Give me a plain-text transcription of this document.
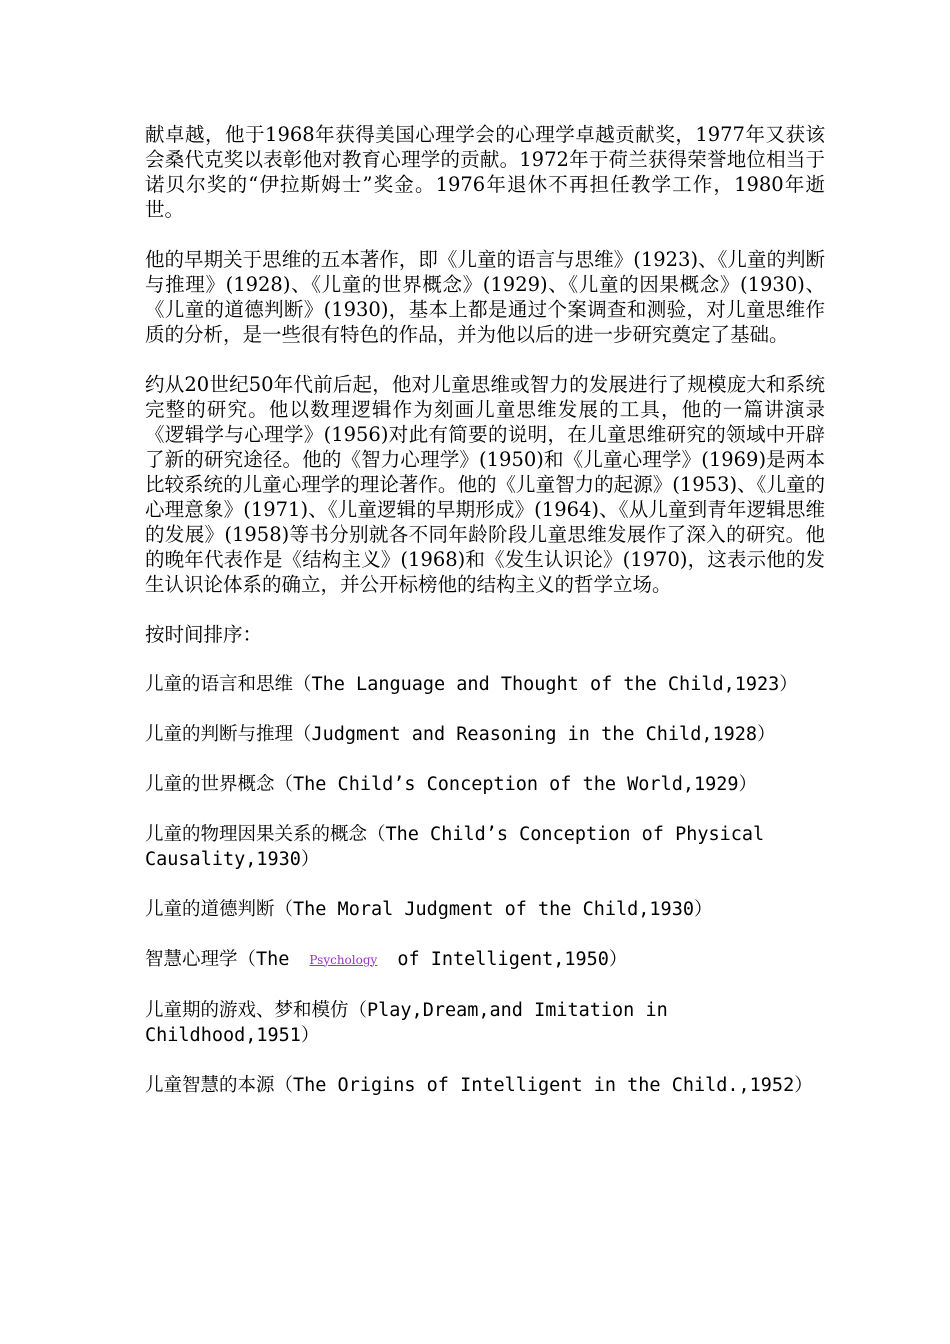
献卓越，他于1968年获得美国心理学会的心理学卓越贡献奖，1977年又获该会桑代克奖以表彰他对教育心理学的贡献。1972年于荷兰获得荣誉地位相当于诺贝尔奖的“伊拉斯姆士”奖金。1976年退休不再担任教学工作，1980年逝世。

他的早期关于思维的五本著作，即《儿童的语言与思维》(1923)、《儿童的判断与推理》(1928)、《儿童的世界概念》(1929)、《儿童的因果概念》(1930)、《儿童的道德判断》(1930)，基本上都是通过个案调查和测验，对儿童思维作质的分析，是一些很有特色的作品，并为他以后的进一步研究奠定了基础。

约从20世纪50年代前后起，他对儿童思维或智力的发展进行了规模庞大和系统完整的研究。他以数理逻辑作为刻画儿童思维发展的工具，他的一篇讲演录《逻辑学与心理学》(1956)对此有简要的说明，在儿童思维研究的领域中开辟了新的研究途径。他的《智力心理学》(1950)和《儿童心理学》(1969)是两本比较系统的儿童心理学的理论著作。他的《儿童智力的起源》(1953)、《儿童的心理意象》(1971)、《儿童逻辑的早期形成》(1964)、《从儿童到青年逻辑思维的发展》(1958)等书分别就各不同年龄阶段儿童思维发展作了深入的研究。他的晚年代表作是《结构主义》(1968)和《发生认识论》(1970)，这表示他的发生认识论体系的确立，并公开标榜他的结构主义的哲学立场。

按时间排序：

儿童的语言和思维（The Language and Thought of the Child,1923）

儿童的判断与推理（Judgment and Reasoning in the Child,1928）

儿童的世界概念（The Child’s Conception of the World,1929）

儿童的物理因果关系的概念（The Child’s Conception of Physical Causality,1930）

儿童的道德判断（The Moral Judgment of the Child,1930）

智慧心理学（The Psychology of Intelligent,1950）

儿童期的游戏、梦和模仿（Play,Dream,and Imitation in Childhood,1951）

儿童智慧的本源（The Origins of Intelligent in the Child.,1952）
